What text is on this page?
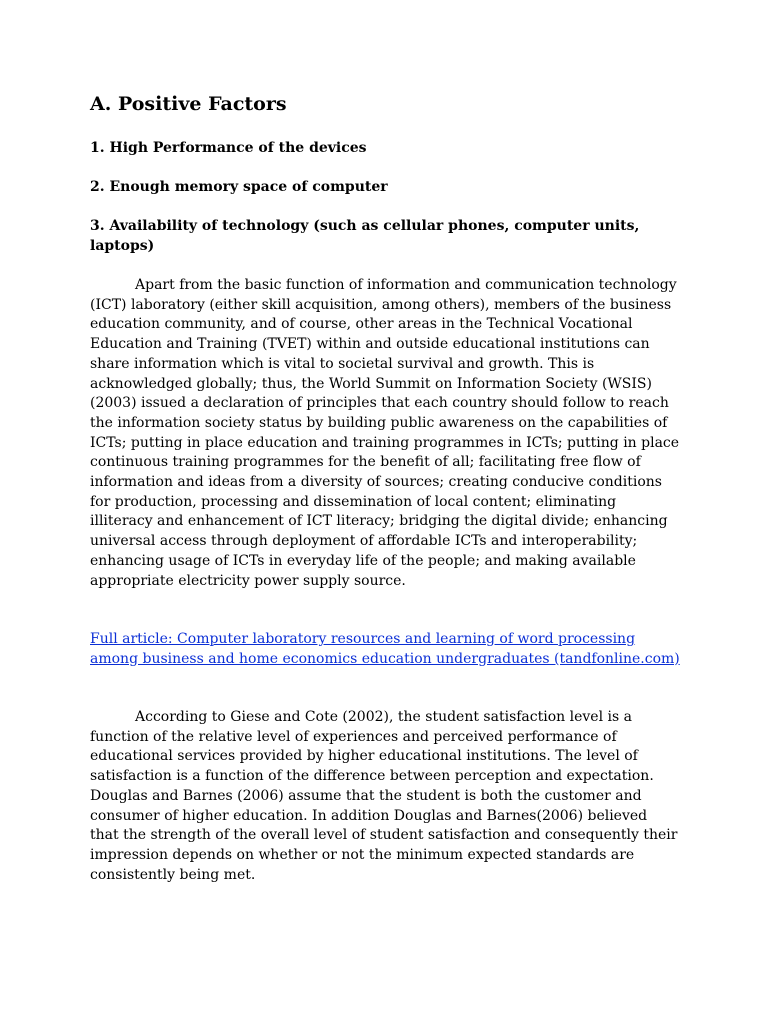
A. Positive Factors

1. High Performance of the devices

2. Enough memory space of computer

3. Availability of technology (such as cellular phones, computer units, laptops)

Apart from the basic function of information and communication technology (ICT) laboratory (either skill acquisition, among others), members of the business education community, and of course, other areas in the Technical Vocational Education and Training (TVET) within and outside educational institutions can share information which is vital to societal survival and growth. This is acknowledged globally; thus, the World Summit on Information Society (WSIS) (2003) issued a declaration of principles that each country should follow to reach the information society status by building public awareness on the capabilities of ICTs; putting in place education and training programmes in ICTs; putting in place continuous training programmes for the benefit of all; facilitating free flow of information and ideas from a diversity of sources; creating conducive conditions for production, processing and dissemination of local content; eliminating illiteracy and enhancement of ICT literacy; bridging the digital divide; enhancing universal access through deployment of affordable ICTs and interoperability; enhancing usage of ICTs in everyday life of the people; and making available appropriate electricity power supply source.

Full article: Computer laboratory resources and learning of word processing among business and home economics education undergraduates (tandfonline.com)

According to Giese and Cote (2002), the student satisfaction level is a function of the relative level of experiences and perceived performance of educational services provided by higher educational institutions. The level of satisfaction is a function of the difference between perception and expectation. Douglas and Barnes (2006) assume that the student is both the customer and consumer of higher education. In addition Douglas and Barnes(2006) believed that the strength of the overall level of student satisfaction and consequently their impression depends on whether or not the minimum expected standards are consistently being met.
